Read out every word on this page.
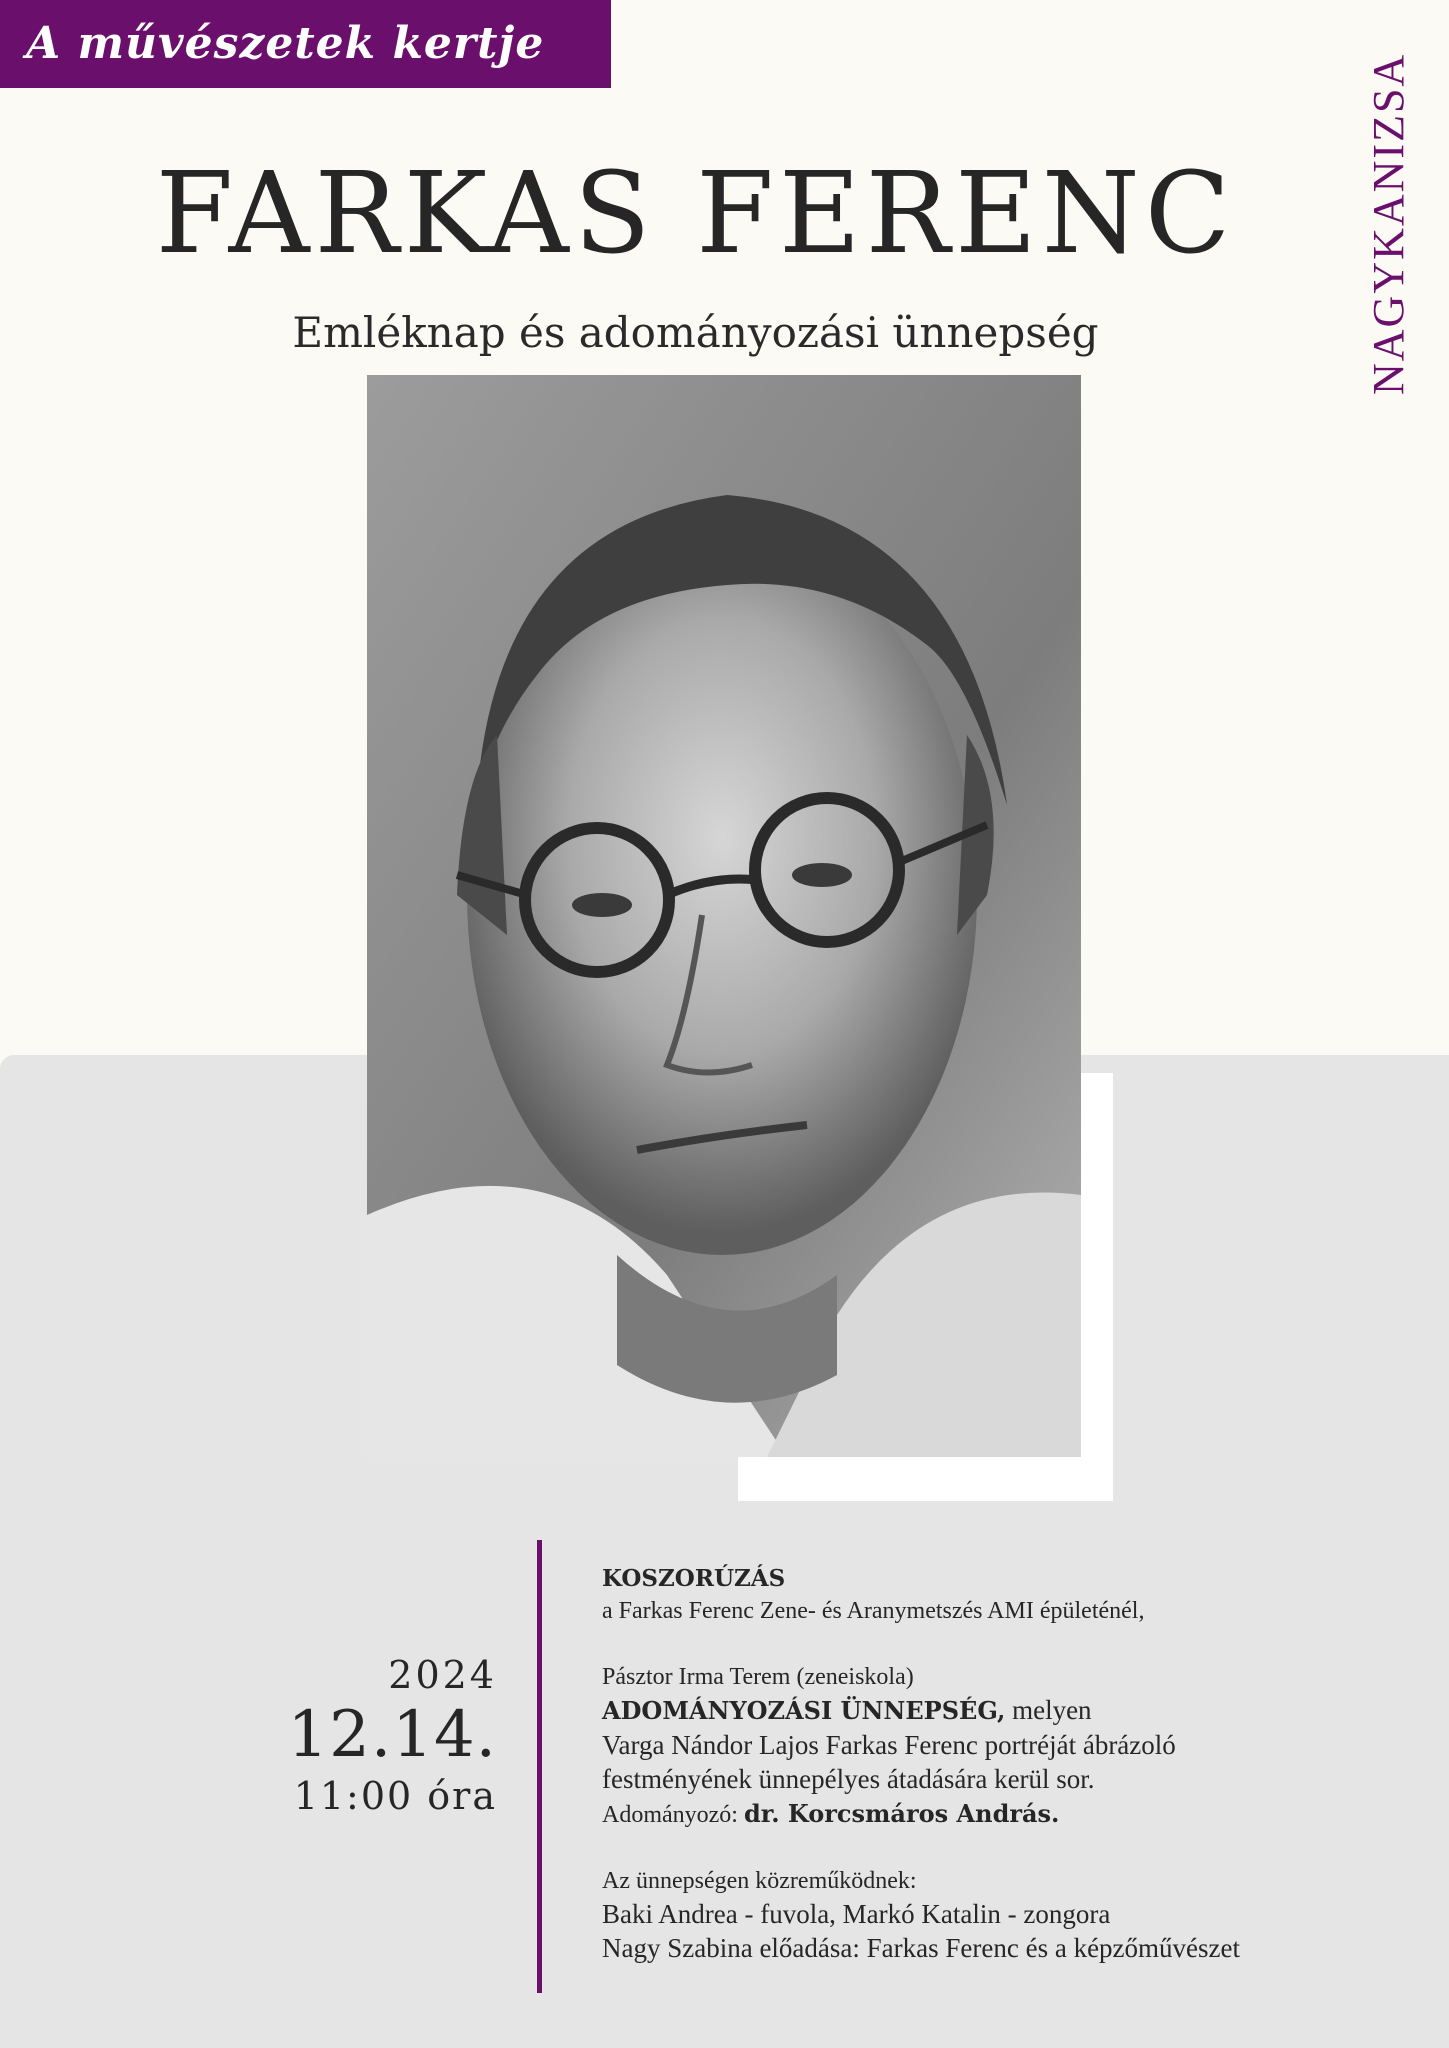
A művészetek kertje
NAGYKANIZSA
FARKAS FERENC
Emléknap és adományozási ünnepség
2024
12.14.
11:00 óra
KOSZORÚZÁS
a Farkas Ferenc Zene- és Aranymetszés AMI épületénél,
Pásztor Irma Terem (zeneiskola)
ADOMÁNYOZÁSI ÜNNEPSÉG, melyen
Varga Nándor Lajos Farkas Ferenc portréját ábrázoló
festményének ünnepélyes átadására kerül sor.
Adományozó: dr. Korcsmáros András.
Az ünnepségen közreműködnek:
Baki Andrea - fuvola, Markó Katalin - zongora
Nagy Szabina előadása: Farkas Ferenc és a képzőművészet
